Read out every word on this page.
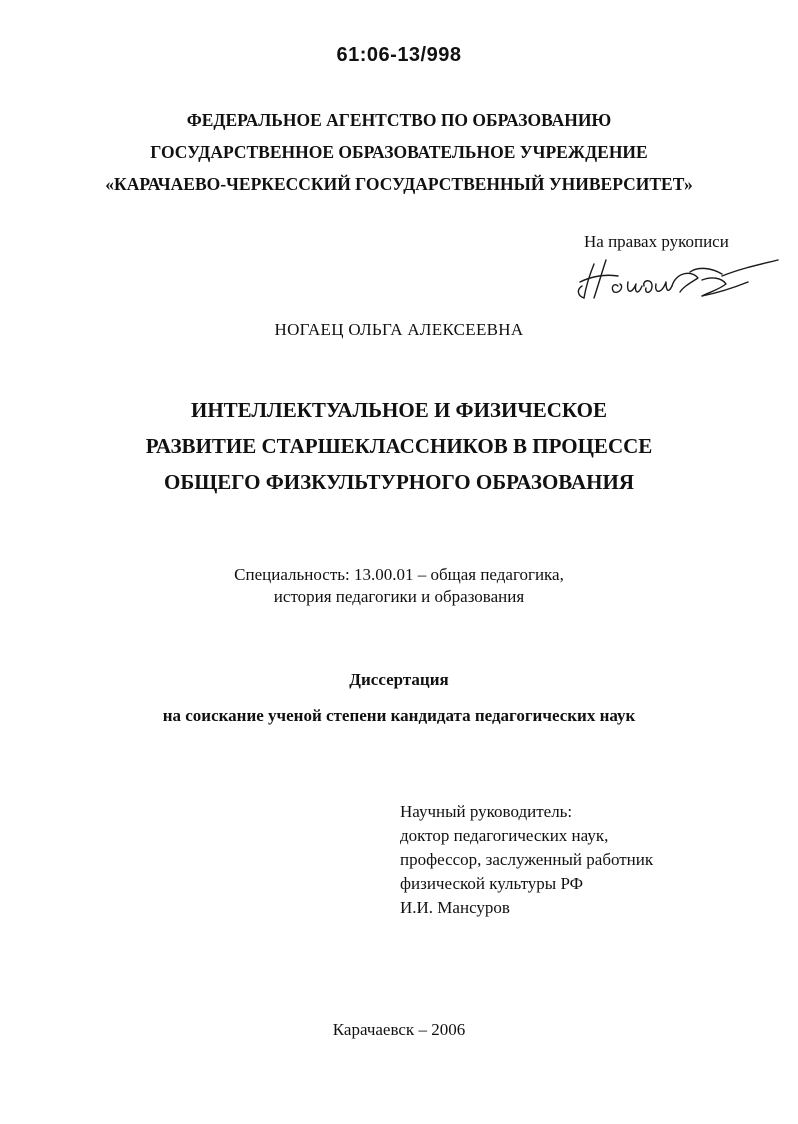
61:06-13/998
ФЕДЕРАЛЬНОЕ АГЕНТСТВО ПО ОБРАЗОВАНИЮ
ГОСУДАРСТВЕННОЕ ОБРАЗОВАТЕЛЬНОЕ УЧРЕЖДЕНИЕ
«КАРАЧАЕВО-ЧЕРКЕССКИЙ ГОСУДАРСТВЕННЫЙ УНИВЕРСИТЕТ»
На правах рукописи
НОГАЕЦ ОЛЬГА АЛЕКСЕЕВНА
ИНТЕЛЛЕКТУАЛЬНОЕ И ФИЗИЧЕСКОЕ
РАЗВИТИЕ СТАРШЕКЛАССНИКОВ В ПРОЦЕССЕ
ОБЩЕГО ФИЗКУЛЬТУРНОГО ОБРАЗОВАНИЯ
Специальность: 13.00.01 – общая педагогика,
история педагогики и образования
Диссертация
на соискание ученой степени кандидата педагогических наук
Научный руководитель:
доктор педагогических наук,
профессор, заслуженный работник
физической культуры РФ
И.И. Мансуров
Карачаевск – 2006
